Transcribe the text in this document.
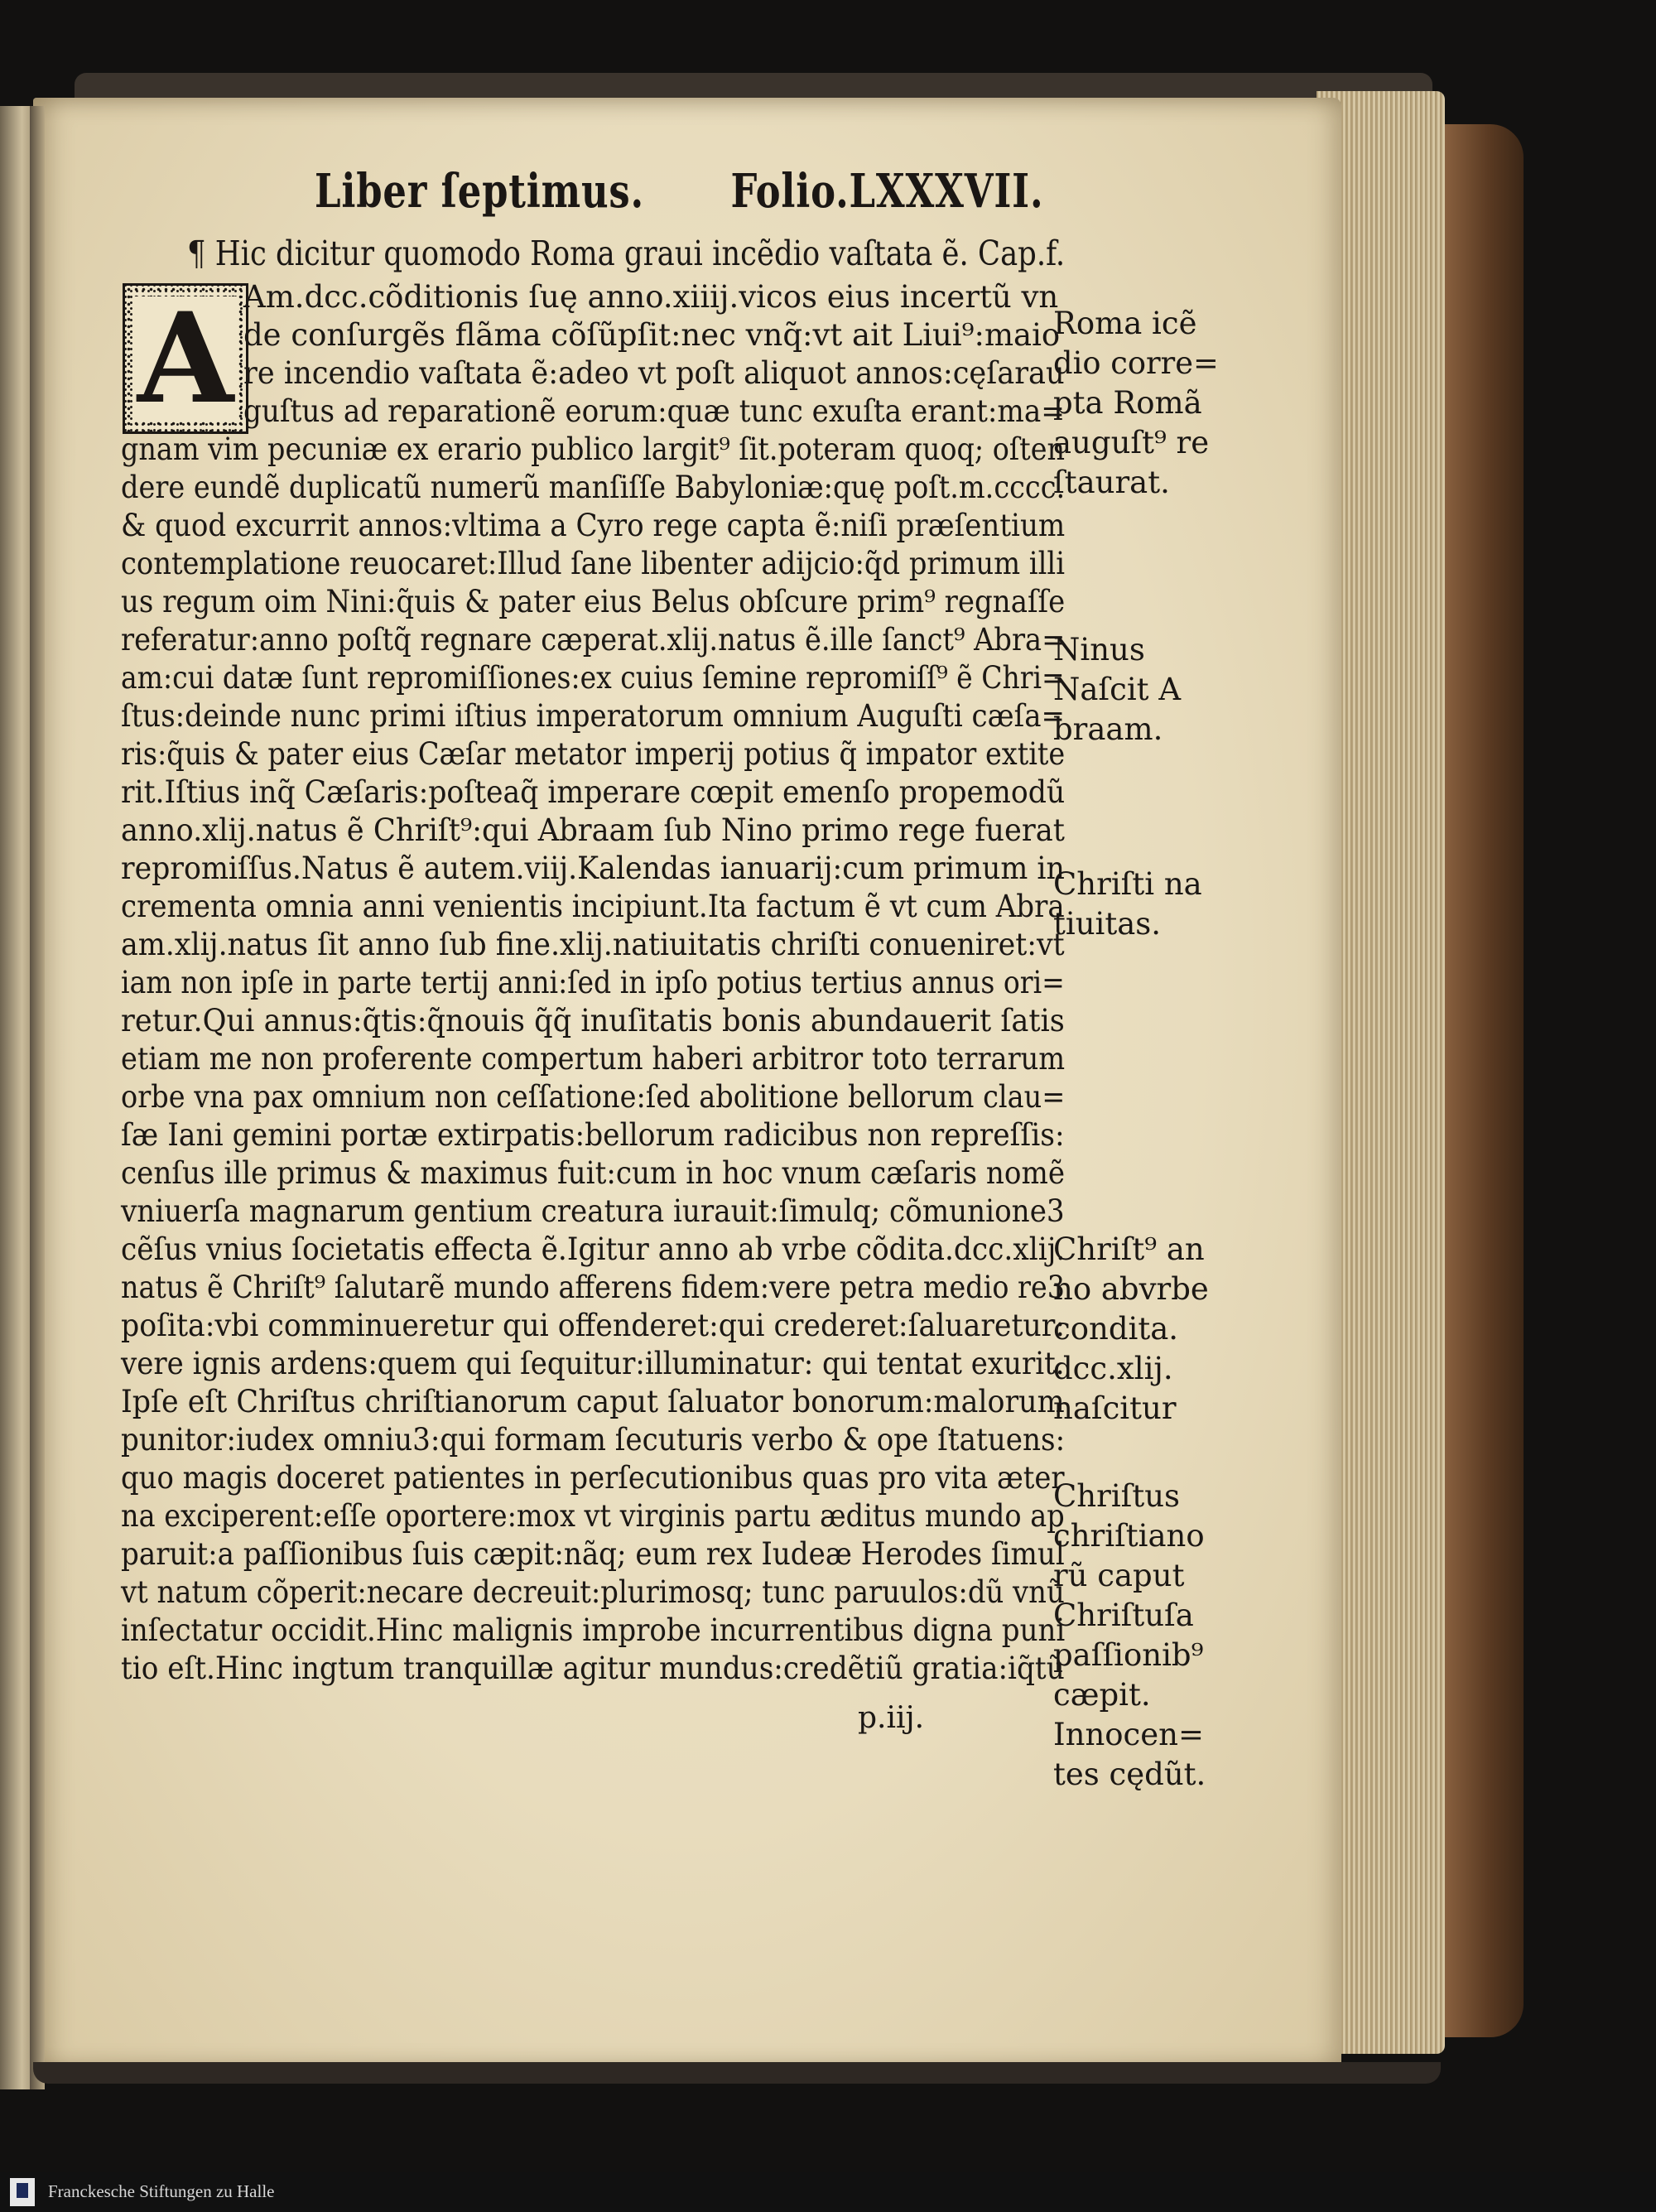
Liber ſeptimus. Folio.LXXXVII.
¶ Hic dicitur quomodo Roma graui incẽdio vaſtata ẽ. Cap.f.
A Am.dcc.cõditionis ſuę anno.xiiij.vicos eius incertũ vn
de conſurgẽs flãma cõſũpſit:nec vnq̃:vt ait Liui⁹:maio
re incendio vaſtata ẽ:adeo vt poſt aliquot annos:cęſarau
guſtus ad reparationẽ eorum:quæ tunc exuſta erant:ma=
gnam vim pecuniæ ex erario publico largit⁹ ſit.poteram quoq; oſten
dere eundẽ duplicatũ numerũ manſiſſe Babyloniæ:quę poſt.m.cccc.
& quod excurrit annos:vltima a Cyro rege capta ẽ:niſi præſentium
contemplatione reuocaret:Illud ſane libenter adijcio:q̃d primum illi
us regum oim Nini:q̃uis & pater eius Belus obſcure prim⁹ regnaſſe
referatur:anno poſtq̃ regnare cæperat.xlij.natus ẽ.ille ſanct⁹ Abra=
am:cui datæ ſunt repromiſſiones:ex cuius ſemine repromiſſ⁹ ẽ Chri=
ſtus:deinde nunc primi iſtius imperatorum omnium Auguſti cæſa=
ris:q̃uis & pater eius Cæſar metator imperij potius q̃ impator extite
rit.Iſtius inq̃ Cæſaris:poſteaq̃ imperare cœpit emenſo propemodũ
anno.xlij.natus ẽ Chriſt⁹:qui Abraam ſub Nino primo rege fuerat
repromiſſus.Natus ẽ autem.viij.Kalendas ianuarij:cum primum in
crementa omnia anni venientis incipiunt.Ita factum ẽ vt cum Abra
am.xlij.natus ſit anno ſub fine.xlij.natiuitatis chriſti conueniret:vt
iam non ipſe in parte tertij anni:ſed in ipſo potius tertius annus ori=
retur.Qui annus:q̃tis:q̃nouis q̃q̃ inuſitatis bonis abundauerit ſatis
etiam me non proferente compertum haberi arbitror toto terrarum
orbe vna pax omnium non ceſſatione:ſed abolitione bellorum clau=
ſæ Iani gemini portæ extirpatis:bellorum radicibus non repreſſis:
cenſus ille primus & maximus fuit:cum in hoc vnum cæſaris nomẽ
vniuerſa magnarum gentium creatura iurauit:ſimulq; cõmunione3
cẽſus vnius ſocietatis effecta ẽ.Igitur anno ab vrbe cõdita.dcc.xlij.
natus ẽ Chriſt⁹ ſalutarẽ mundo afferens fidem:vere petra medio re3
poſita:vbi comminueretur qui offenderet:qui crederet:ſaluaretur:
vere ignis ardens:quem qui ſequitur:illuminatur: qui tentat exurit.
Ipſe eſt Chriſtus chriſtianorum caput ſaluator bonorum:malorum
punitor:iudex omniu3:qui formam ſecuturis verbo & ope ſtatuens:
quo magis doceret patientes in perſecutionibus quas pro vita æter
na exciperent:eſſe oportere:mox vt virginis partu æditus mundo ap
paruit:a paſſionibus ſuis cæpit:nãq; eum rex Iudeæ Herodes ſimul
vt natum cõperit:necare decreuit:plurimosq; tunc paruulos:dũ vnũ
inſectatur occidit.Hinc malignis improbe incurrentibus digna puni
tio eſt.Hinc ingtum tranquillæ agitur mundus:credẽtiũ gratia:iq̃tũ
Roma icẽ
dio corre=
pta Romã
auguſt⁹ re
ſtaurat.
Ninus
Naſcit A
braam.
Chriſti na
tiuitas.
Chriſt⁹ an
no abvrbe
condita.
dcc.xlij.
naſcitur
Chriſtus
chriſtiano
rũ caput
Chriſtuſa
paſſionib⁹
cæpit.
Innocen=
tes cędũt.
p.iij.
Franckesche Stiftungen zu Halle
